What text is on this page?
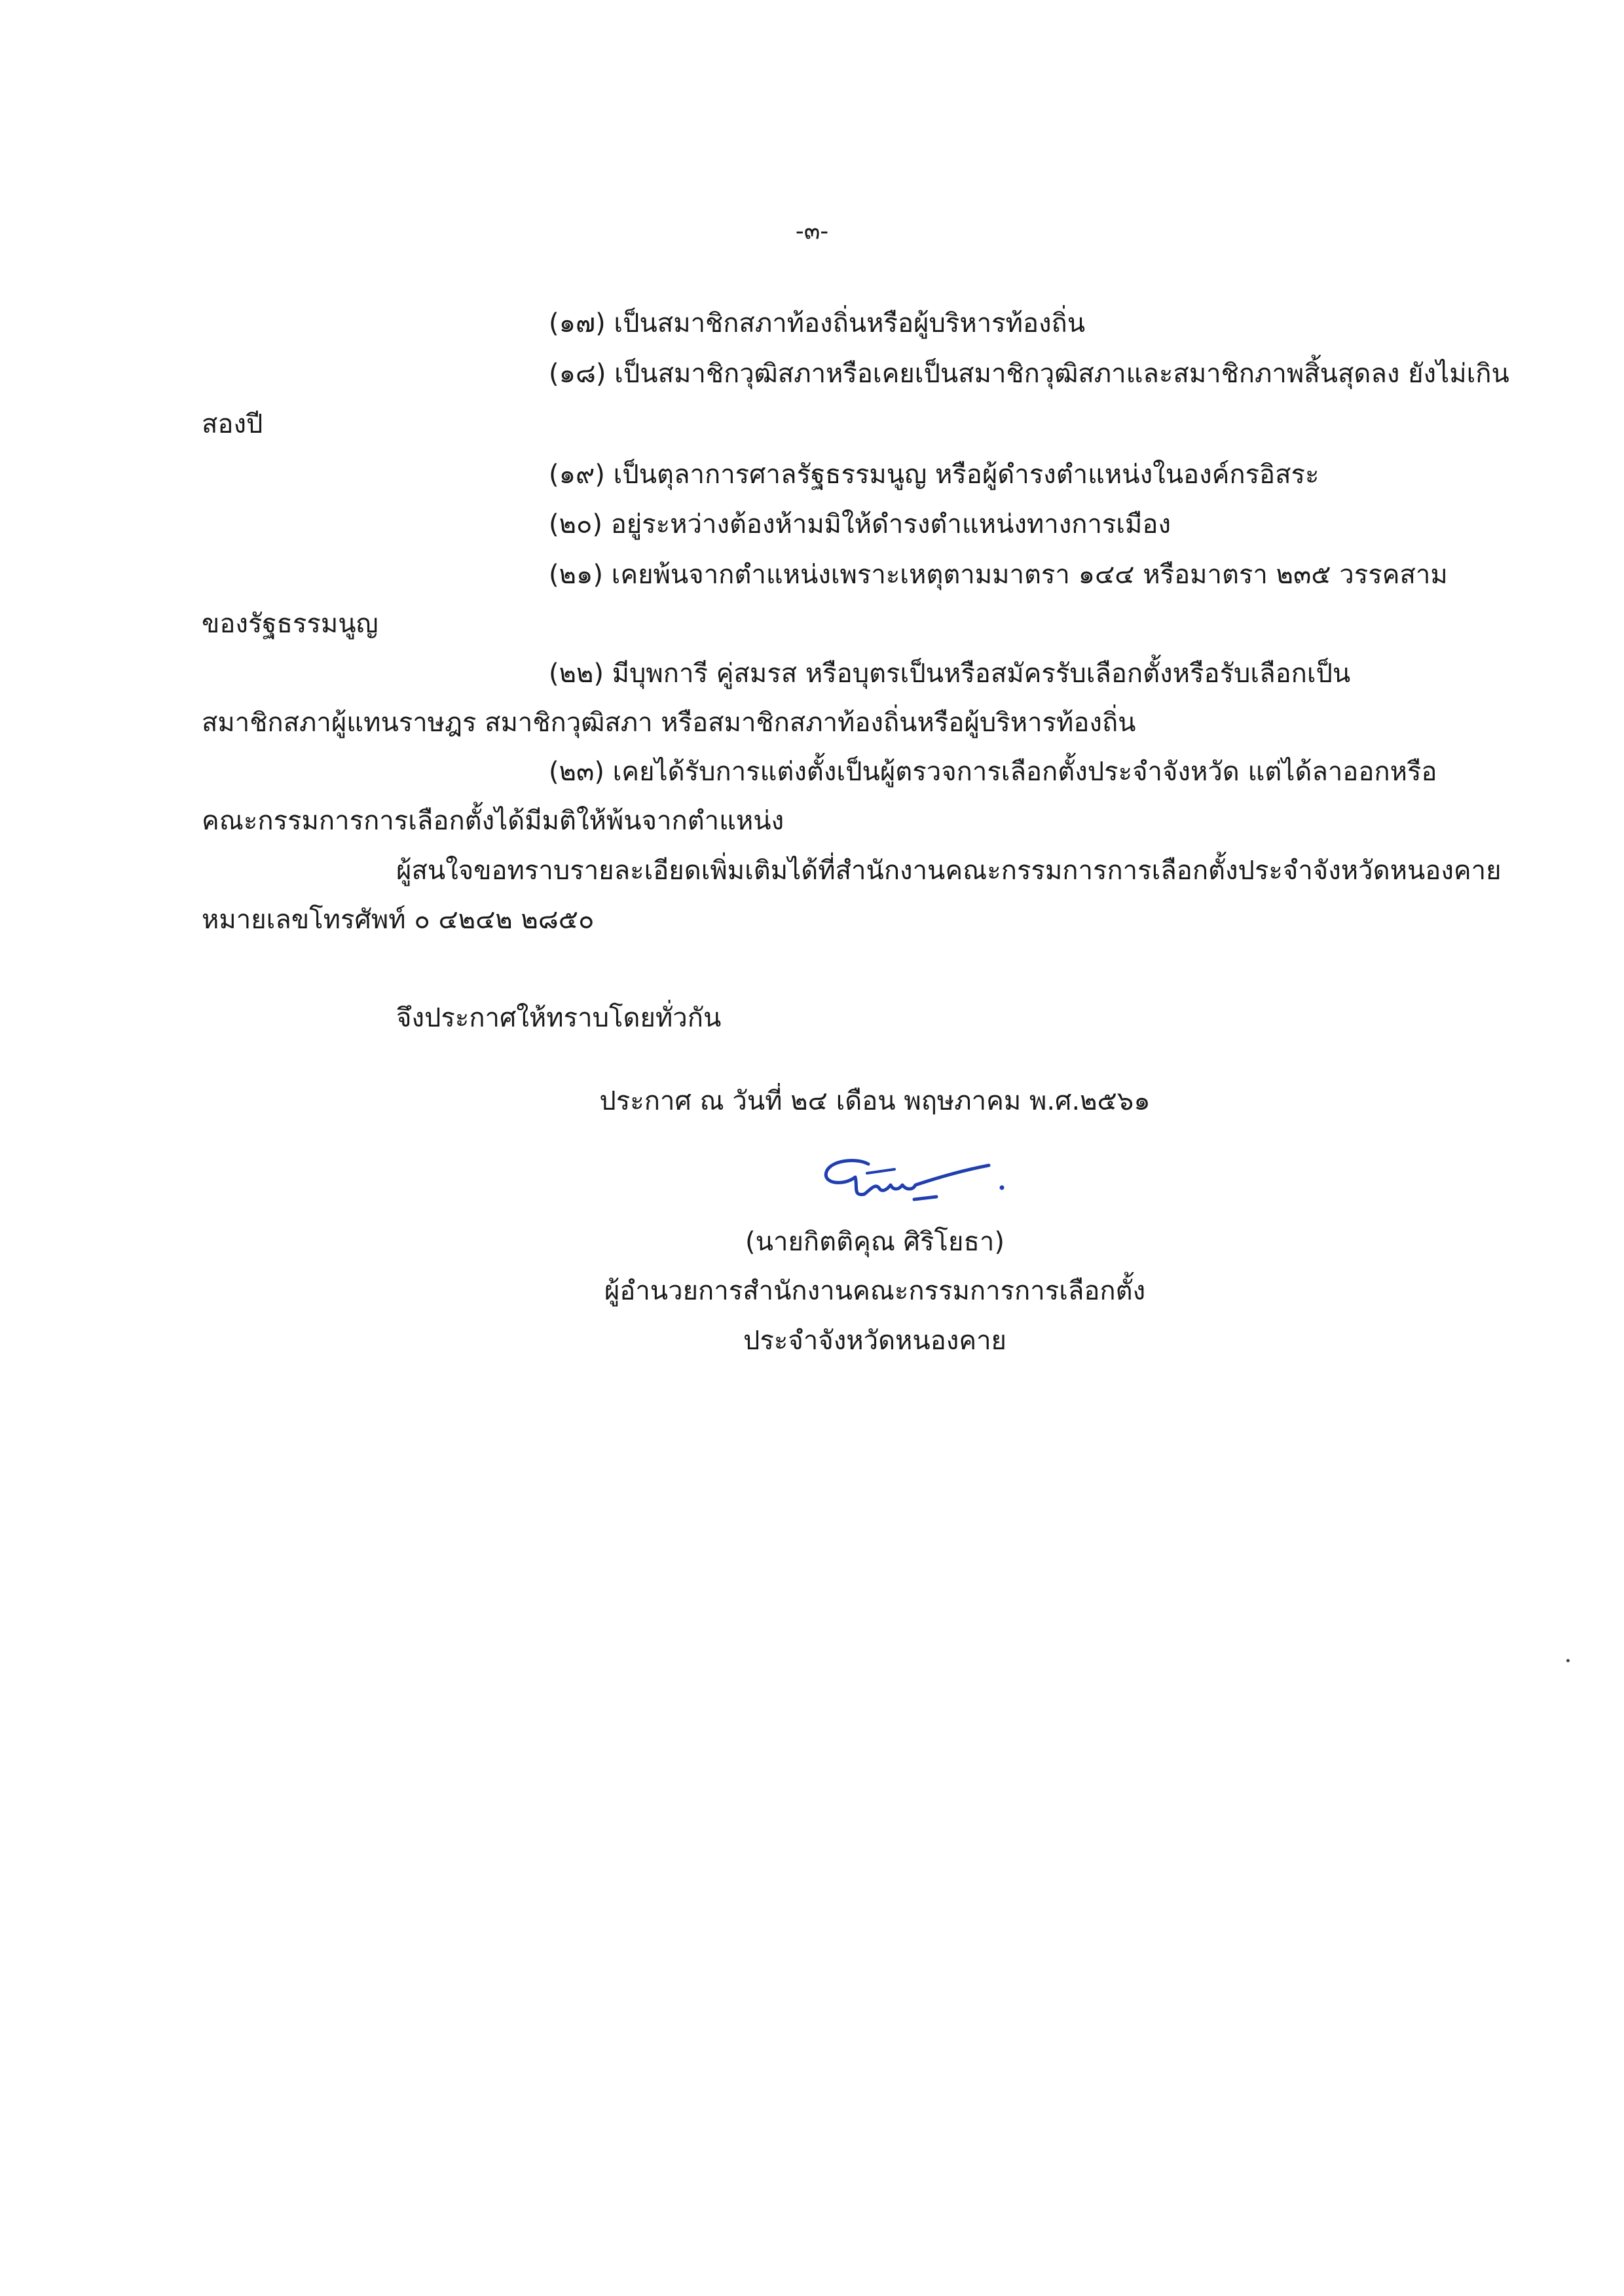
-๓-
(๑๗) เป็นสมาชิกสภาท้องถิ่นหรือผู้บริหารท้องถิ่น
(๑๘) เป็นสมาชิกวุฒิสภาหรือเคยเป็นสมาชิกวุฒิสภาและสมาชิกภาพสิ้นสุดลง ยังไม่เกิน
สองปี
(๑๙) เป็นตุลาการศาลรัฐธรรมนูญ หรือผู้ดำรงตำแหน่งในองค์กรอิสระ
(๒๐) อยู่ระหว่างต้องห้ามมิให้ดำรงตำแหน่งทางการเมือง
(๒๑) เคยพ้นจากตำแหน่งเพราะเหตุตามมาตรา ๑๔๔ หรือมาตรา ๒๓๕ วรรคสาม
ของรัฐธรรมนูญ
(๒๒) มีบุพการี คู่สมรส หรือบุตรเป็นหรือสมัครรับเลือกตั้งหรือรับเลือกเป็น
สมาชิกสภาผู้แทนราษฎร สมาชิกวุฒิสภา หรือสมาชิกสภาท้องถิ่นหรือผู้บริหารท้องถิ่น
(๒๓) เคยได้รับการแต่งตั้งเป็นผู้ตรวจการเลือกตั้งประจำจังหวัด แต่ได้ลาออกหรือ
คณะกรรมการการเลือกตั้งได้มีมติให้พ้นจากตำแหน่ง
ผู้สนใจขอทราบรายละเอียดเพิ่มเติมได้ที่สำนักงานคณะกรรมการการเลือกตั้งประจำจังหวัดหนองคาย
หมายเลขโทรศัพท์ ๐ ๔๒๔๒ ๒๘๕๐
จึงประกาศให้ทราบโดยทั่วกัน
ประกาศ ณ วันที่ ๒๔ เดือน พฤษภาคม พ.ศ.๒๕๖๑
(นายกิตติคุณ ศิริโยธา)
ผู้อำนวยการสำนักงานคณะกรรมการการเลือกตั้ง
ประจำจังหวัดหนองคาย
